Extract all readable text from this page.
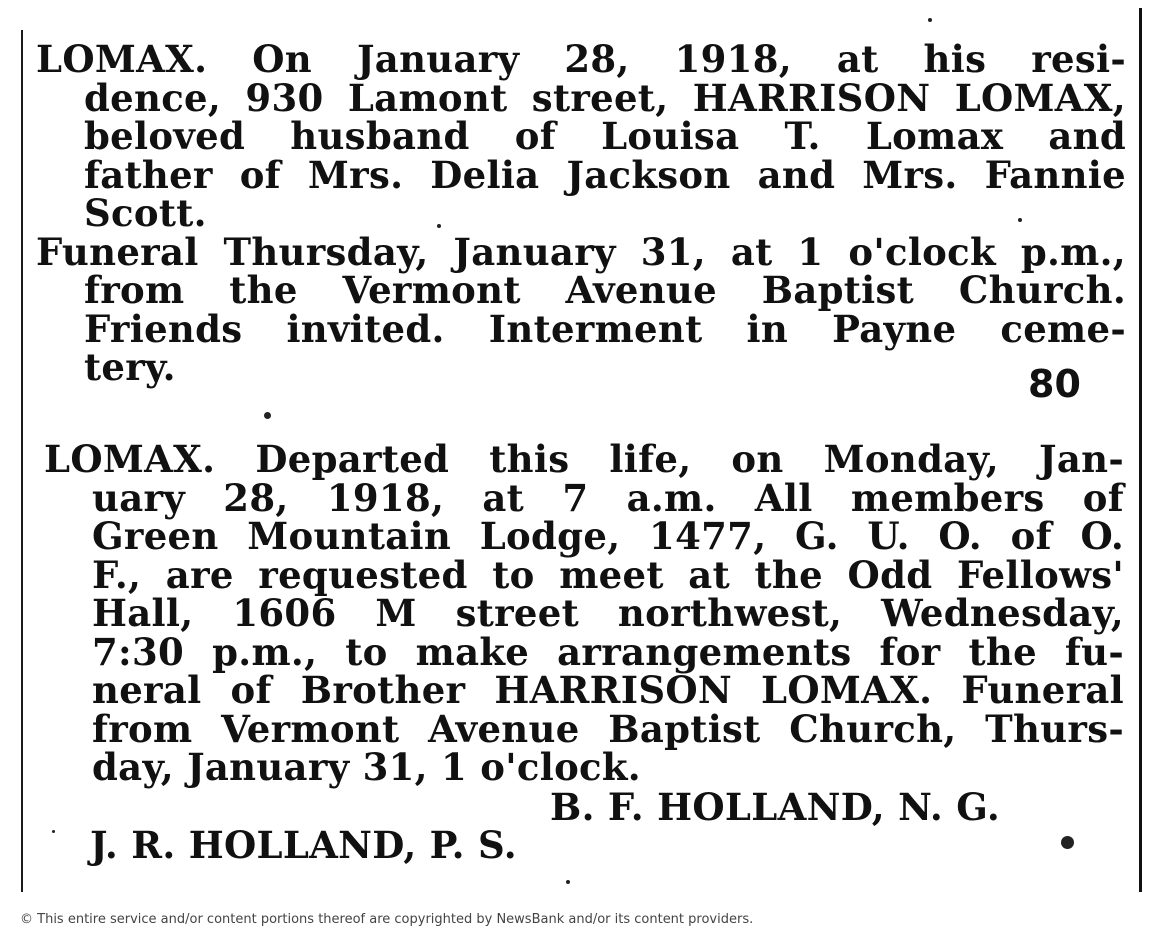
LOMAX. On January 28, 1918, at his resi-
dence, 930 Lamont street, HARRISON LOMAX,
beloved husband of Louisa T. Lomax and
father of Mrs. Delia Jackson and Mrs. Fannie
Scott.
Funeral Thursday, January 31, at 1 o'clock p.m.,
from the Vermont Avenue Baptist Church.
Friends invited. Interment in Payne ceme-
tery.	80
LOMAX. Departed this life, on Monday, Jan-
uary 28, 1918, at 7 a.m. All members of
Green Mountain Lodge, 1477, G. U. O. of O.
F., are requested to meet at the Odd Fellows'
Hall, 1606 M street northwest, Wednesday,
7:30 p.m., to make arrangements for the fu-
neral of Brother HARRISON LOMAX. Funeral
from Vermont Avenue Baptist Church, Thurs-
day, January 31, 1 o'clock.
B. F. HOLLAND, N. G.
J. R. HOLLAND, P. S.
© This entire service and/or content portions thereof are copyrighted by NewsBank and/or its content providers.
